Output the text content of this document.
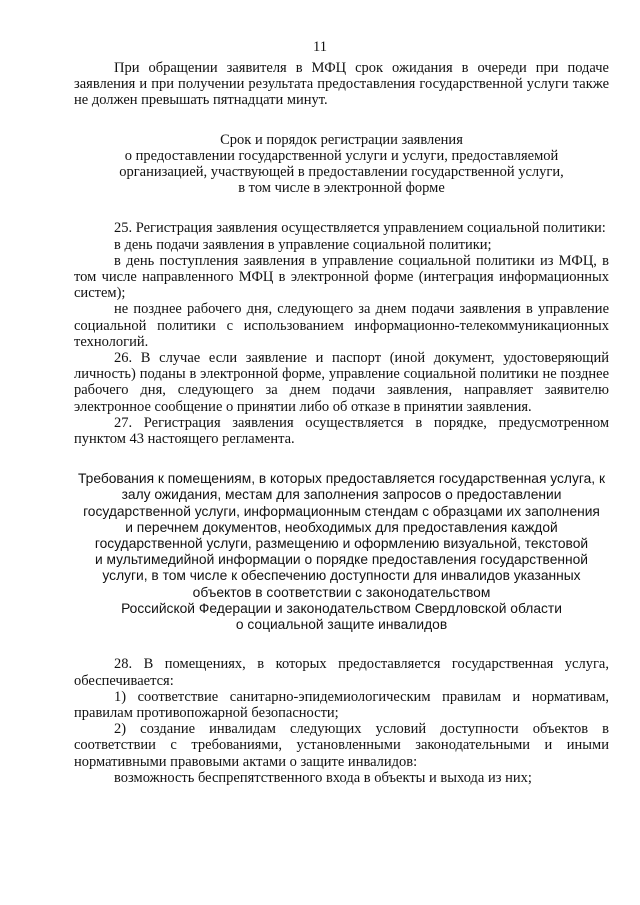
11

При обращении заявителя в МФЦ срок ожидания в очереди при подаче заявления и при получении результата предоставления государственной услуги также не должен превышать пятнадцати минут.

Срок и порядок регистрации заявления
о предоставлении государственной услуги и услуги, предоставляемой
организацией, участвующей в предоставлении государственной услуги,
в том числе в электронной форме

25. Регистрация заявления осуществляется управлением социальной политики:

в день подачи заявления в управление социальной политики;

в день поступления заявления в управление социальной политики из МФЦ, в том числе направленного МФЦ в электронной форме (интеграция информационных систем);

не позднее рабочего дня, следующего за днем подачи заявления в управление социальной политики с использованием информационно-телекоммуникационных технологий.

26. В случае если заявление и паспорт (иной документ, удостоверяющий личность) поданы в электронной форме, управление социальной политики не позднее рабочего дня, следующего за днем подачи заявления, направляет заявителю электронное сообщение о принятии либо об отказе в принятии заявления.

27. Регистрация заявления осуществляется в порядке, предусмотренном пунктом 43 настоящего регламента.

Требования к помещениям, в которых предоставляется государственная услуга, к
залу ожидания, местам для заполнения запросов о предоставлении
государственной услуги, информационным стендам с образцами их заполнения
и перечнем документов, необходимых для предоставления каждой
государственной услуги, размещению и оформлению визуальной, текстовой
и мультимедийной информации о порядке предоставления государственной
услуги, в том числе к обеспечению доступности для инвалидов указанных
объектов в соответствии с законодательством
Российской Федерации и законодательством Свердловской области
о социальной защите инвалидов

28. В помещениях, в которых предоставляется государственная услуга, обеспечивается:

1) соответствие санитарно-эпидемиологическим правилам и нормативам, правилам противопожарной безопасности;

2) создание инвалидам следующих условий доступности объектов в соответствии с требованиями, установленными законодательными и иными нормативными правовыми актами о защите инвалидов:

возможность беспрепятственного входа в объекты и выхода из них;
